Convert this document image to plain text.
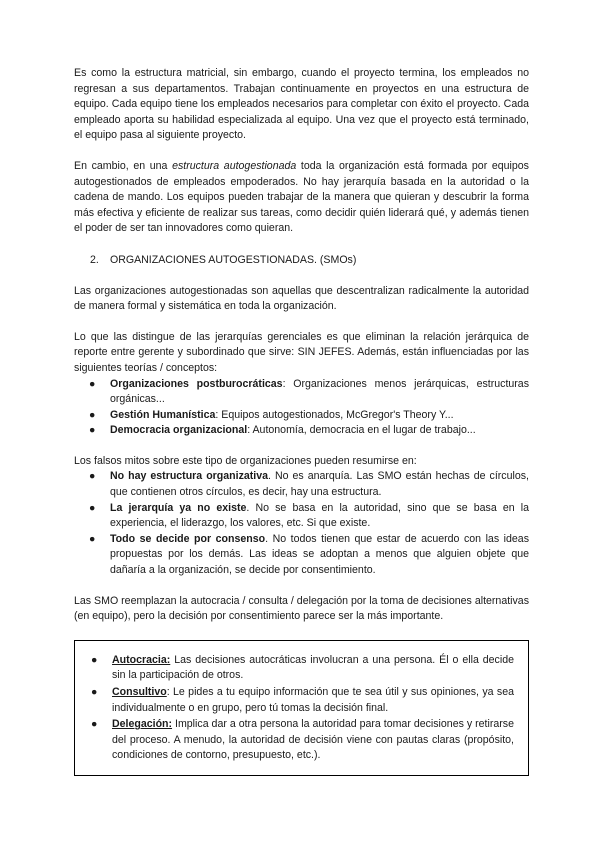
Es como la estructura matricial, sin embargo, cuando el proyecto termina, los empleados no regresan a sus departamentos. Trabajan continuamente en proyectos en una estructura de equipo. Cada equipo tiene los empleados necesarios para completar con éxito el proyecto. Cada empleado aporta su habilidad especializada al equipo. Una vez que el proyecto está terminado, el equipo pasa al siguiente proyecto.

En cambio, en una estructura autogestionada toda la organización está formada por equipos autogestionados de empleados empoderados. No hay jerarquía basada en la autoridad o la cadena de mando. Los equipos pueden trabajar de la manera que quieran y descubrir la forma más efectiva y eficiente de realizar sus tareas, como decidir quién liderará qué, y además tienen el poder de ser tan innovadores como quieran.

2. ORGANIZACIONES AUTOGESTIONADAS. (SMOs)

Las organizaciones autogestionadas son aquellas que descentralizan radicalmente la autoridad de manera formal y sistemática en toda la organización.

Lo que las distingue de las jerarquías gerenciales es que eliminan la relación jerárquica de reporte entre gerente y subordinado que sirve: SIN JEFES. Además, están influenciadas por las siguientes teorías / conceptos:

● Organizaciones postburocráticas: Organizaciones menos jerárquicas, estructuras orgánicas...
● Gestión Humanística: Equipos autogestionados, McGregor's Theory Y...
● Democracia organizacional: Autonomía, democracia en el lugar de trabajo...

Los falsos mitos sobre este tipo de organizaciones pueden resumirse en:

● No hay estructura organizativa. No es anarquía. Las SMO están hechas de círculos, que contienen otros círculos, es decir, hay una estructura.
● La jerarquía ya no existe. No se basa en la autoridad, sino que se basa en la experiencia, el liderazgo, los valores, etc. Si que existe.
● Todo se decide por consenso. No todos tienen que estar de acuerdo con las ideas propuestas por los demás. Las ideas se adoptan a menos que alguien objete que dañaría a la organización, se decide por consentimiento.

Las SMO reemplazan la autocracia / consulta / delegación por la toma de decisiones alternativas (en equipo), pero la decisión por consentimiento parece ser la más importante.

● Autocracia: Las decisiones autocráticas involucran a una persona. Él o ella decide sin la participación de otros.
● Consultivo: Le pides a tu equipo información que te sea útil y sus opiniones, ya sea individualmente o en grupo, pero tú tomas la decisión final.
● Delegación: Implica dar a otra persona la autoridad para tomar decisiones y retirarse del proceso. A menudo, la autoridad de decisión viene con pautas claras (propósito, condiciones de contorno, presupuesto, etc.).
